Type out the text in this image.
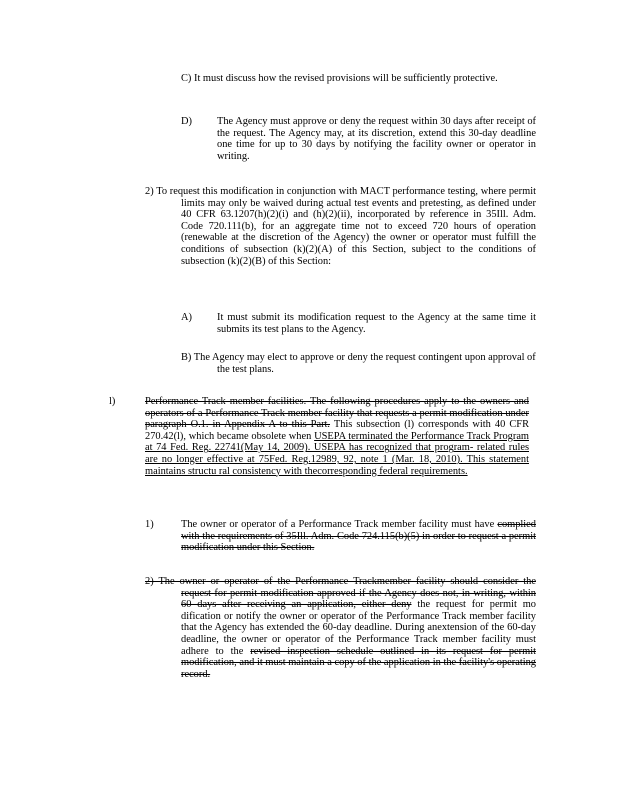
C) It must discuss how the revised provisions will be sufficiently protective.
D) The Agency must approve or deny the request within 30 days after receipt of the request. The Agency may, at its discretion, extend this 30-day deadline one time for up to 30 days by notifying the facility owner or operator in writing.
2) To request this modification in conjunction with MACT performance testing, where permit limits may only be waived during actual test events and pretesting, as defined under 40 CFR 63.1207(h)(2)(i) and (h)(2)(ii), incorporated by reference in 35Ill. Adm. Code 720.111(b), for an aggregate time not to exceed 720 hours of operation (renewable at the discretion of the Agency) the owner or operator must fulfill the conditions of subsection (k)(2)(A) of this Section, subject to the conditions of subsection (k)(2)(B) of this Section:
A) It must submit its modification request to the Agency at the same time it submits its test plans to the Agency.
B) The Agency may elect to approve or deny the request contingent upon approval of the test plans.
l)	Performance Track member facilities. The following procedures apply to the owners and operators of a Performance Track member facility that requests a permit modification under paragraph O.1. in Appendix A to this Part. This subsection (l) corresponds with 40 CFR 270.42(l), which became obsolete when USEPA terminated the Performance Track Program at 74 Fed. Reg. 22741(May 14, 2009). USEPA has recognized that program- related rules are no longer effective at 75Fed. Reg.12989, 92, note 1 (Mar. 18, 2010). This statement maintains structu ral consistency with thecorresponding federal requirements.
1)	The owner or operator of a Performance Track member facility must have complied with the requirements of 35Ill. Adm. Code 724.115(b)(5) in order to request a permit modification under this Section.
2) The owner or operator of the Performance Trackmember facility should consider the request for permit modification approved if the Agency does not, in writing, within 60 days after receiving an application, either deny the request for permit mo dification or notify the owner or operator of the Performance Track member facility that the Agency has extended the 60-day deadline. During anextension of the 60-day deadline, the owner or operator of the Performance Track member facility must adhere to the revised inspection schedule outlined in its request for permit modification, and it must maintain a copy of the application in the facility's operating record.
